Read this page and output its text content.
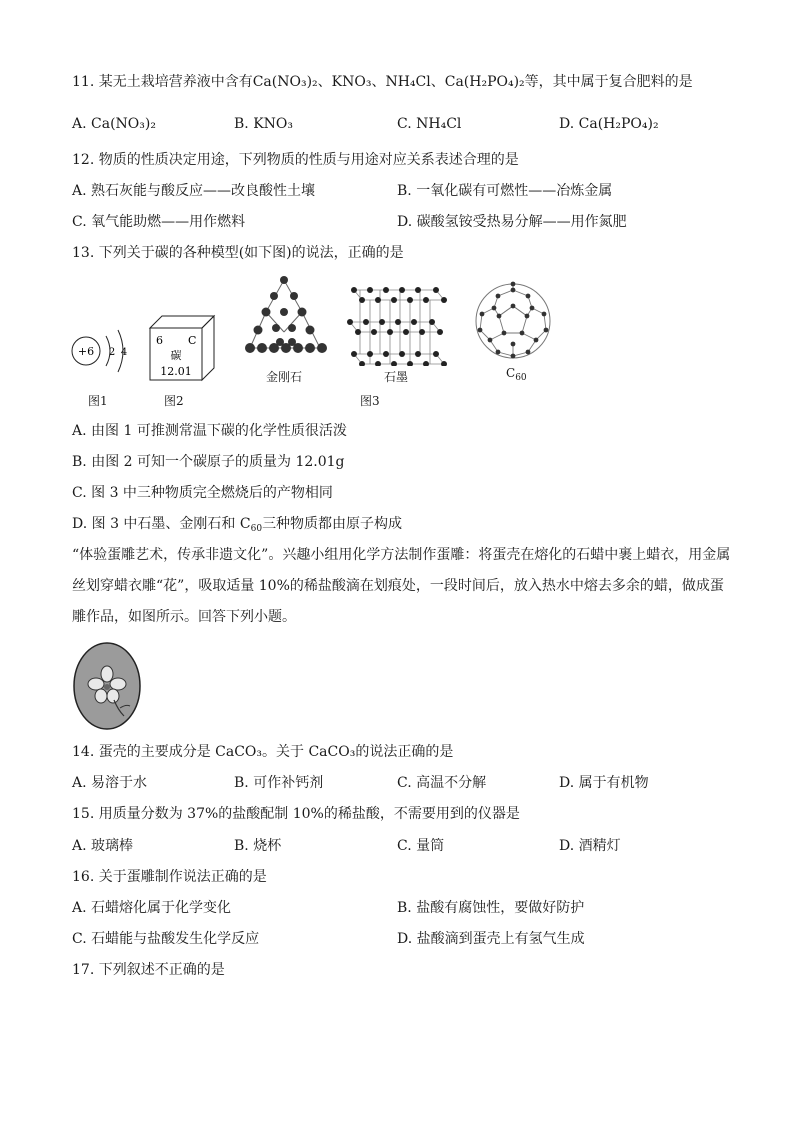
11. 某无土栽培营养液中含有Ca(NO₃)₂、KNO₃、NH₄Cl、Ca(H₂PO₄)₂等，其中属于复合肥料的是
A. Ca(NO₃)₂	B. KNO₃	C. NH₄Cl	D. Ca(H₂PO₄)₂
12. 物质的性质决定用途，下列物质的性质与用途对应关系表述合理的是
A. 熟石灰能与酸反应——改良酸性土壤	B. 一氧化碳有可燃性——冶炼金属
C. 氧气能助燃——用作燃料	D. 碳酸氢铵受热易分解——用作氮肥
13. 下列关于碳的各种模型(如下图)的说法，正确的是
+6 2 4
6 C
碳
12.01	金刚石	石墨	$C_{60}$
图1	图2	图3
A. 由图 1 可推测常温下碳的化学性质很活泼
B. 由图 2 可知一个碳原子的质量为 12.01g
C. 图 3 中三种物质完全燃烧后的产物相同
D. 图 3 中石墨、金刚石和 $C_{60}$三种物质都由原子构成
“体验蛋雕艺术，传承非遗文化”。兴趣小组用化学方法制作蛋雕：将蛋壳在熔化的石蜡中裹上蜡衣，用金属丝划穿蜡衣雕“花”，吸取适量 10%的稀盐酸滴在划痕处，一段时间后，放入热水中熔去多余的蜡，做成蛋雕作品，如图所示。回答下列小题。
14. 蛋壳的主要成分是 CaCO₃。关于 CaCO₃的说法正确的是
A. 易溶于水	B. 可作补钙剂	C. 高温不分解	D. 属于有机物
15. 用质量分数为 37%的盐酸配制 10%的稀盐酸，不需要用到的仪器是
A. 玻璃棒	B. 烧杯	C. 量筒	D. 酒精灯
16. 关于蛋雕制作说法正确的是
A. 石蜡熔化属于化学变化	B. 盐酸有腐蚀性，要做好防护
C. 石蜡能与盐酸发生化学反应	D. 盐酸滴到蛋壳上有氢气生成
17. 下列叙述不正确的是
